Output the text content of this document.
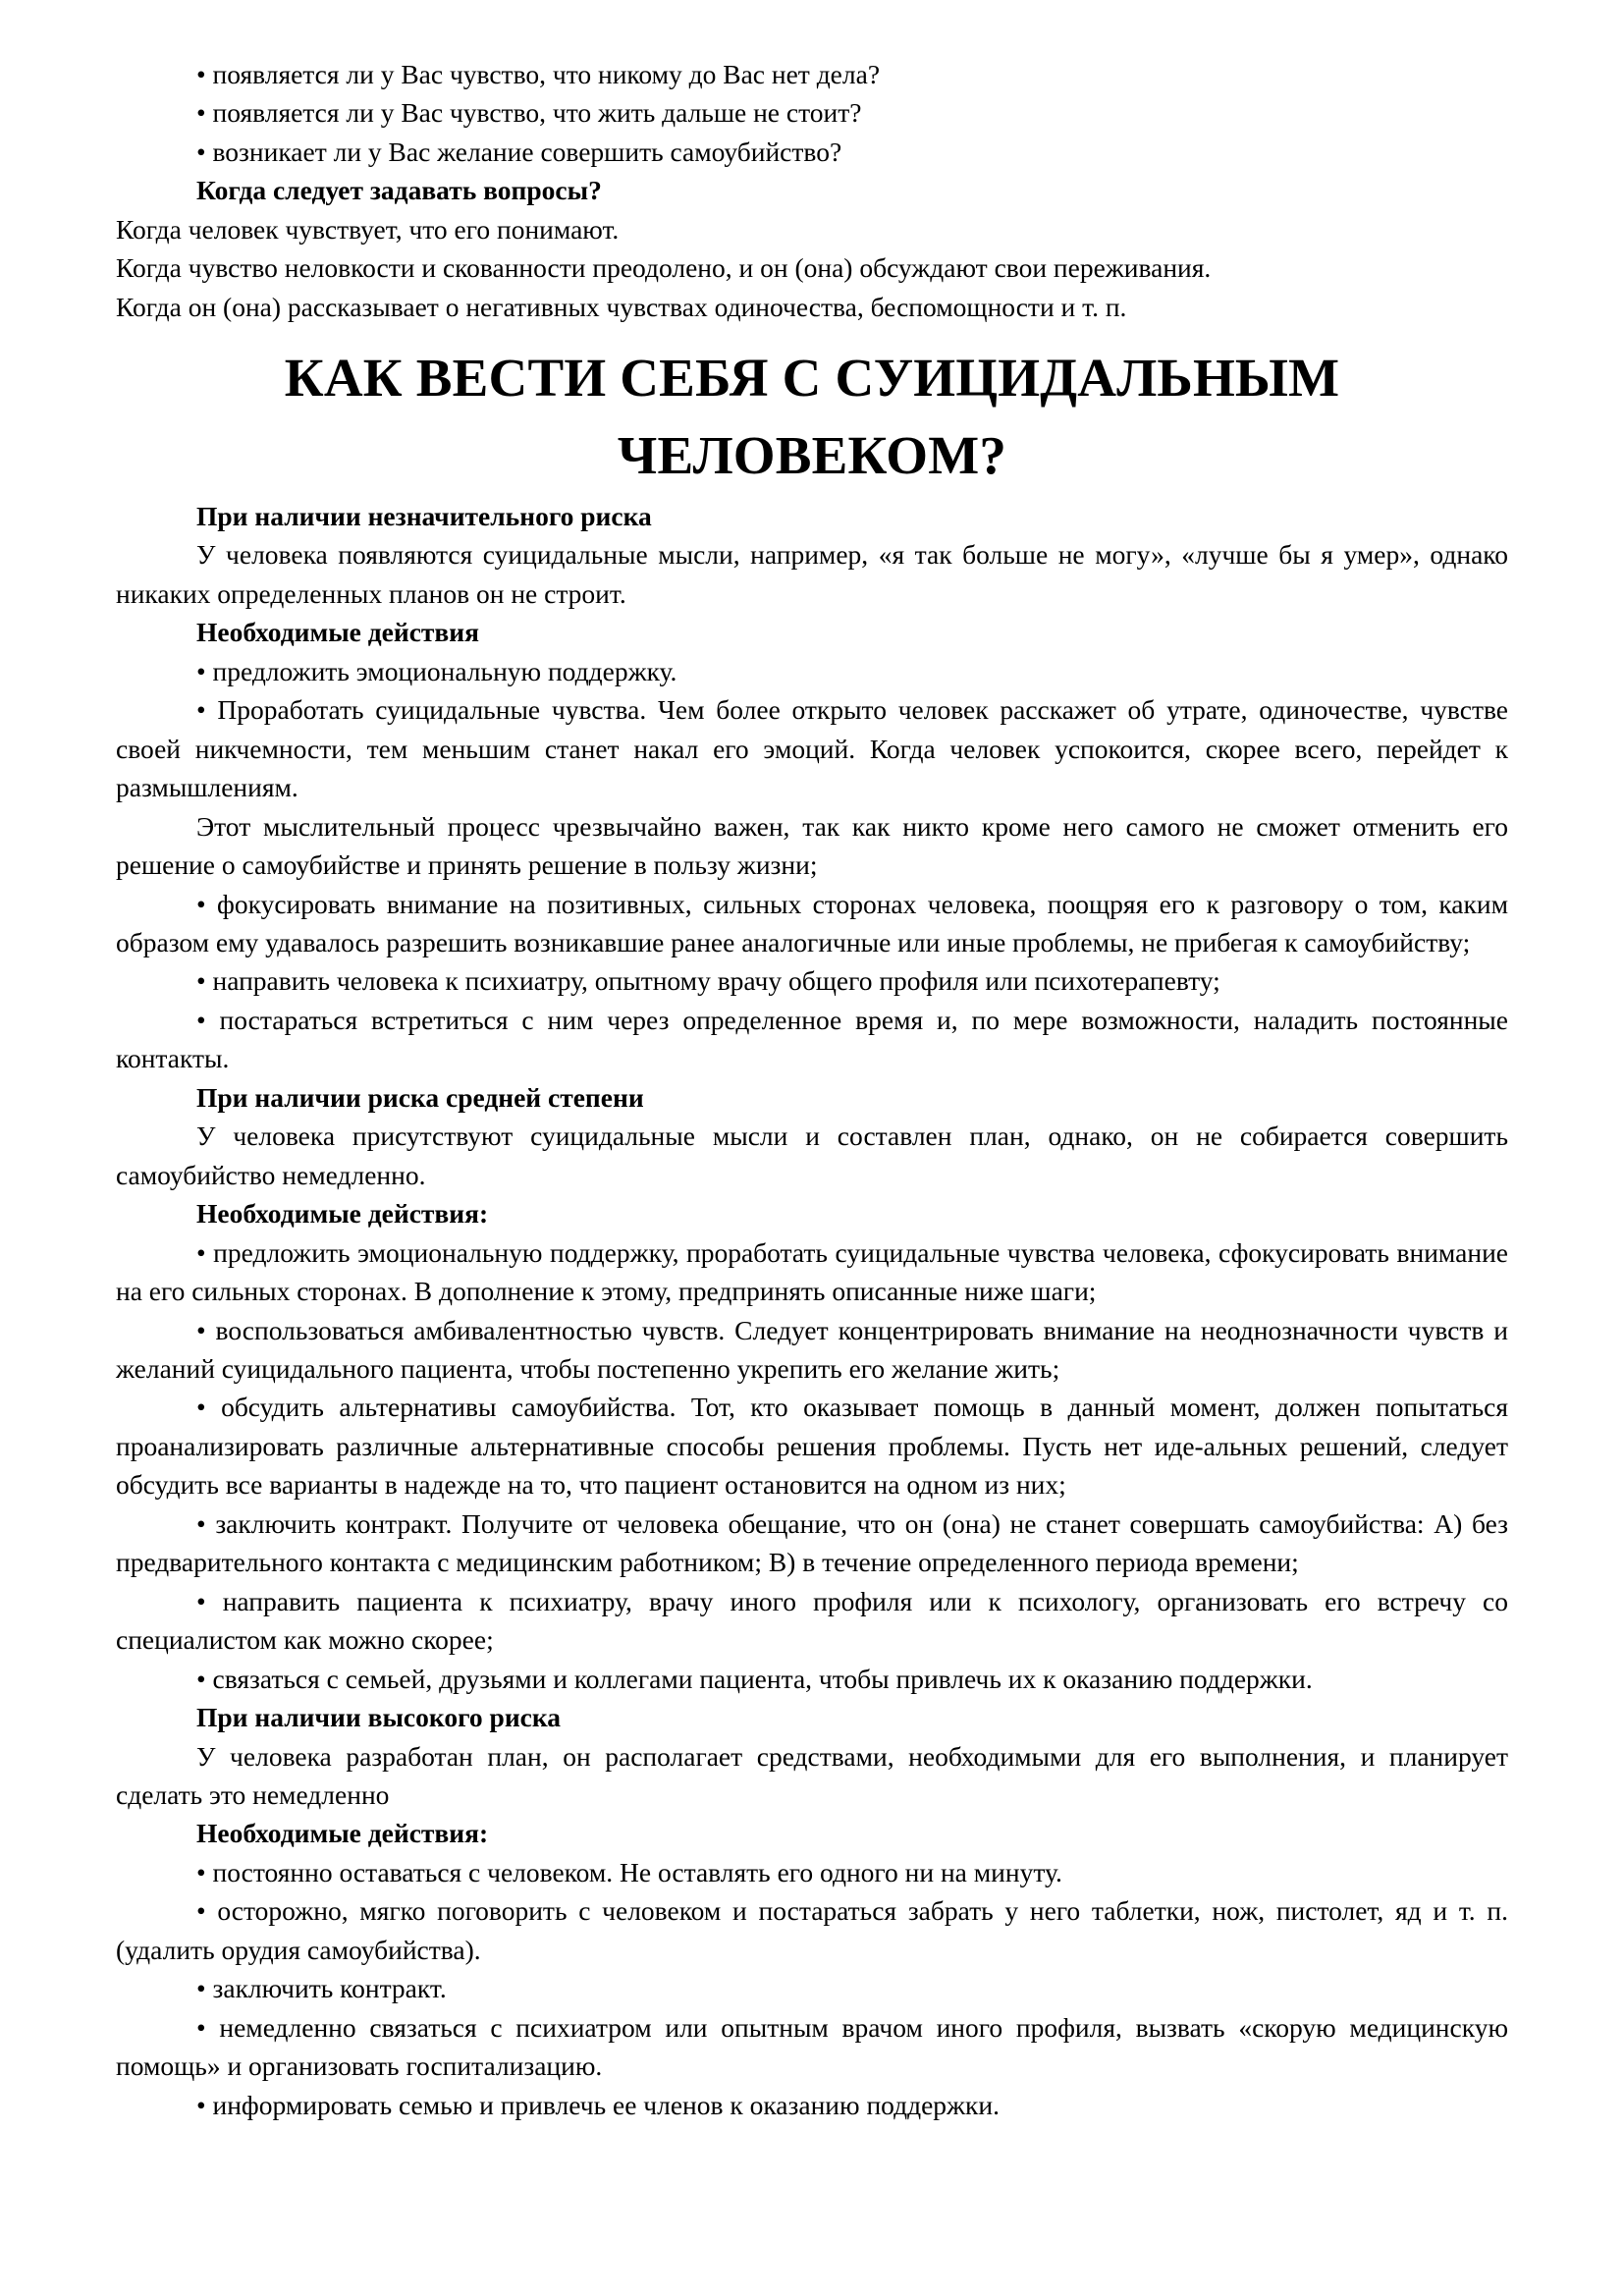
• появляется ли у Вас чувство, что никому до Вас нет дела?

• появляется ли у Вас чувство, что жить дальше не стоит?

• возникает ли у Вас желание совершить самоубийство?

Когда следует задавать вопросы?

Когда человек чувствует, что его понимают.

Когда чувство неловкости и скованности преодолено, и он (она) обсуждают свои переживания.

Когда он (она) рассказывает о негативных чувствах одиночества, беспомощности и т. п.

КАК ВЕСТИ СЕБЯ С СУИЦИДАЛЬНЫМ ЧЕЛОВЕКОМ?

При наличии незначительного риска

У человека появляются суицидальные мысли, например, «я так больше не могу», «лучше бы я умер», однако никаких определенных планов он не строит.

Необходимые действия

• предложить эмоциональную поддержку.

• Проработать суицидальные чувства. Чем более открыто человек расскажет об утрате, одиночестве, чувстве своей никчемности, тем меньшим станет накал его эмоций. Когда человек успокоится, скорее всего, перейдет к размышлениям.

Этот мыслительный процесс чрезвычайно важен, так как никто кроме него самого не сможет отменить его решение о самоубийстве и принять решение в пользу жизни;

• фокусировать внимание на позитивных, сильных сторонах человека, поощряя его к разговору о том, каким образом ему удавалось разрешить возникавшие ранее аналогичные или иные проблемы, не прибегая к самоубийству;

• направить человека к психиатру, опытному врачу общего профиля или психотерапевту;

• постараться встретиться с ним через определенное время и, по мере возможности, наладить постоянные контакты.

При наличии риска средней степени

У человека присутствуют суицидальные мысли и составлен план, однако, он не собирается совершить самоубийство немедленно.

Необходимые действия:

• предложить эмоциональную поддержку, проработать суицидальные чувства человека, сфокусировать внимание на его сильных сторонах. В дополнение к этому, предпринять описанные ниже шаги;

• воспользоваться амбивалентностью чувств. Следует концентрировать внимание на неоднозначности чувств и желаний суицидального пациента, чтобы постепенно укрепить его желание жить;

• обсудить альтернативы самоубийства. Тот, кто оказывает помощь в данный момент, должен попытаться проанализировать различные альтернативные способы решения проблемы. Пусть нет иде-альных решений, следует обсудить все варианты в надежде на то, что пациент остановится на одном из них;

• заключить контракт. Получите от человека обещание, что он (она) не станет совершать самоубийства: А) без предварительного контакта с медицинским работником; В) в течение определенного периода времени;

• направить пациента к психиатру, врачу иного профиля или к психологу, организовать его встречу со специалистом как можно скорее;

• связаться с семьей, друзьями и коллегами пациента, чтобы привлечь их к оказанию поддержки.

При наличии высокого риска

У человека разработан план, он располагает средствами, необходимыми для его выполнения, и планирует сделать это немедленно

Необходимые действия:

• постоянно оставаться с человеком. Не оставлять его одного ни на минуту.

• осторожно, мягко поговорить с человеком и постараться забрать у него таблетки, нож, пистолет, яд и т. п. (удалить орудия самоубийства).

• заключить контракт.

• немедленно связаться с психиатром или опытным врачом иного профиля, вызвать «скорую медицинскую помощь» и организовать госпитализацию.

• информировать семью и привлечь ее членов к оказанию поддержки.
